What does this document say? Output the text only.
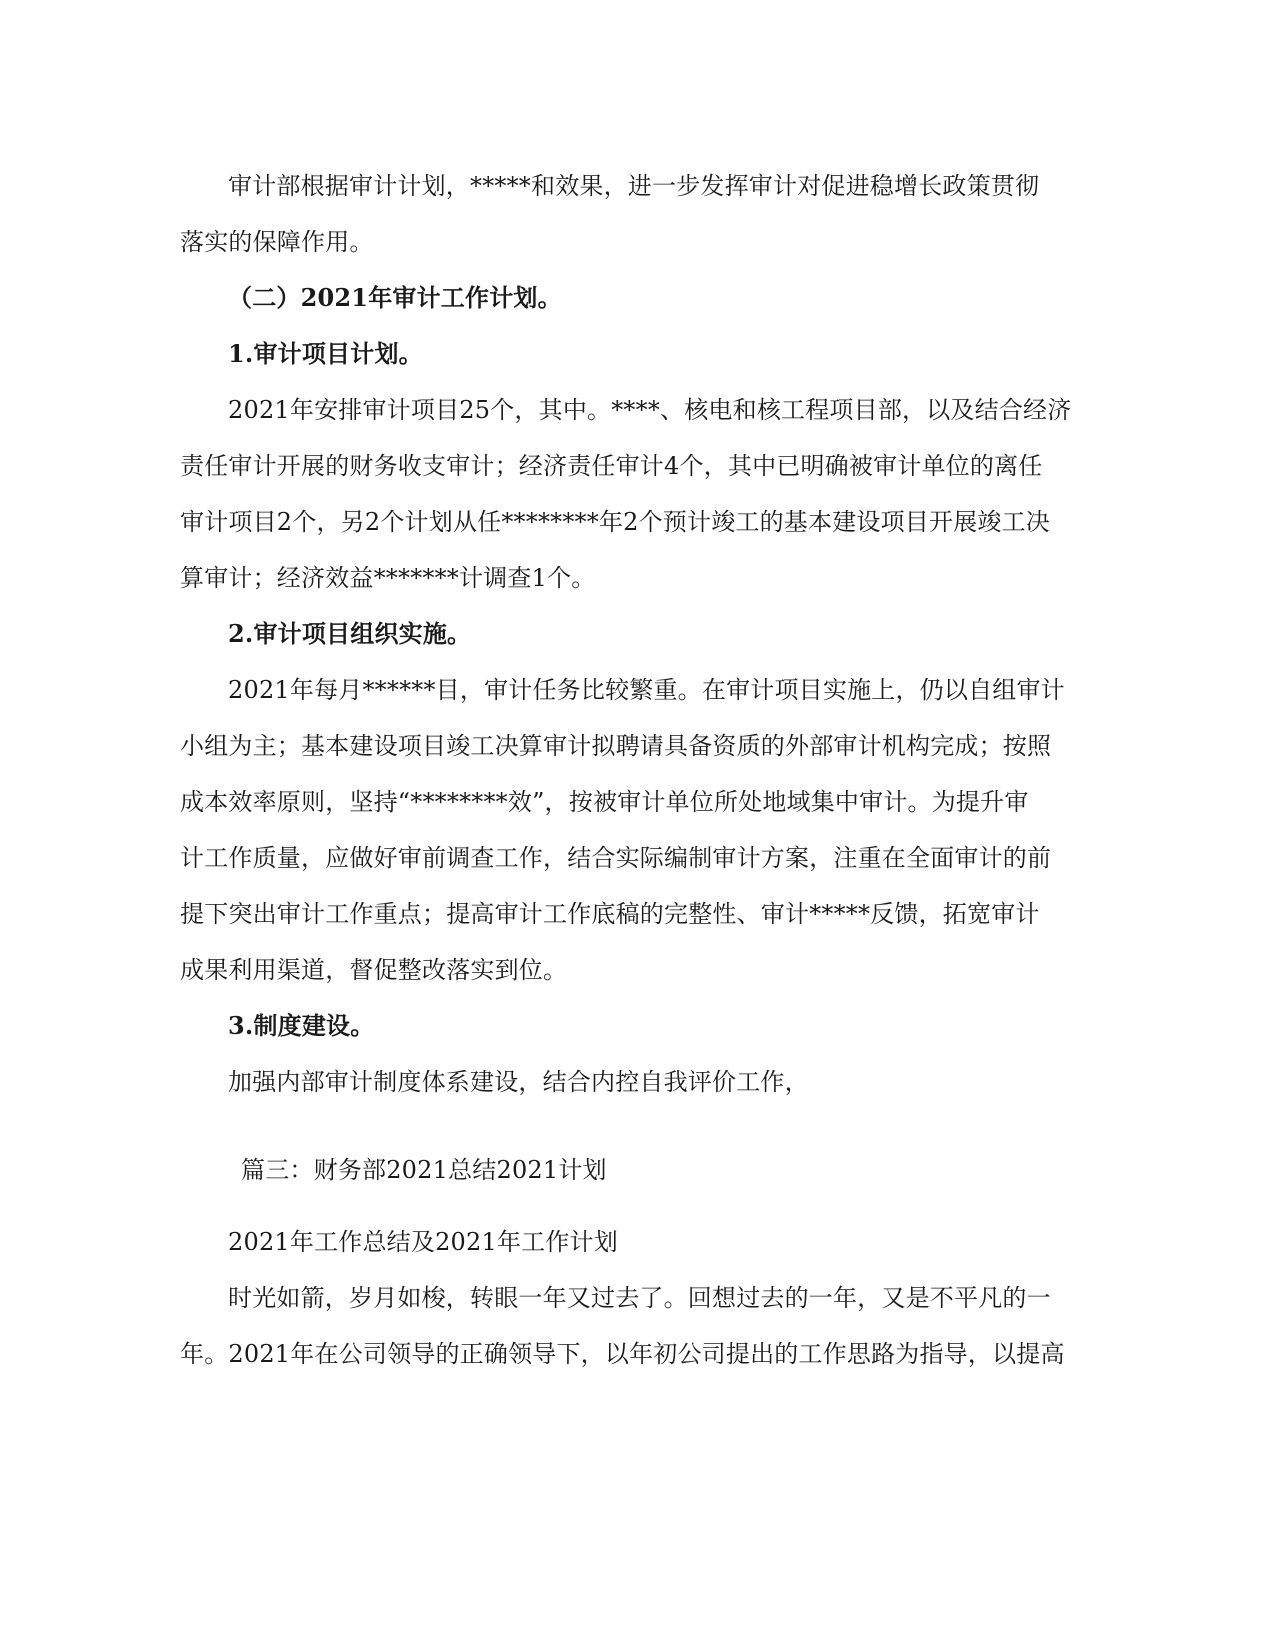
审计部根据审计计划，*****和效果，进一步发挥审计对促进稳增长政策贯彻
落实的保障作用。
（二）2021年审计工作计划。
1.审计项目计划。
2021年安排审计项目25个，其中。****、核电和核工程项目部，以及结合经济
责任审计开展的财务收支审计；经济责任审计4个，其中已明确被审计单位的离任
审计项目2个，另2个计划从任********年2个预计竣工的基本建设项目开展竣工决
算审计；经济效益*******计调查1个。
2.审计项目组织实施。
2021年每月******目，审计任务比较繁重。在审计项目实施上，仍以自组审计
小组为主；基本建设项目竣工决算审计拟聘请具备资质的外部审计机构完成；按照
成本效率原则，坚持“********效”，按被审计单位所处地域集中审计。为提升审
计工作质量，应做好审前调查工作，结合实际编制审计方案，注重在全面审计的前
提下突出审计工作重点；提高审计工作底稿的完整性、审计*****反馈，拓宽审计
成果利用渠道，督促整改落实到位。
3.制度建设。
加强内部审计制度体系建设，结合内控自我评价工作，
篇三：财务部2021总结2021计划
2021年工作总结及2021年工作计划
时光如箭，岁月如梭，转眼一年又过去了。回想过去的一年，又是不平凡的一
年。2021年在公司领导的正确领导下，以年初公司提出的工作思路为指导，以提高
